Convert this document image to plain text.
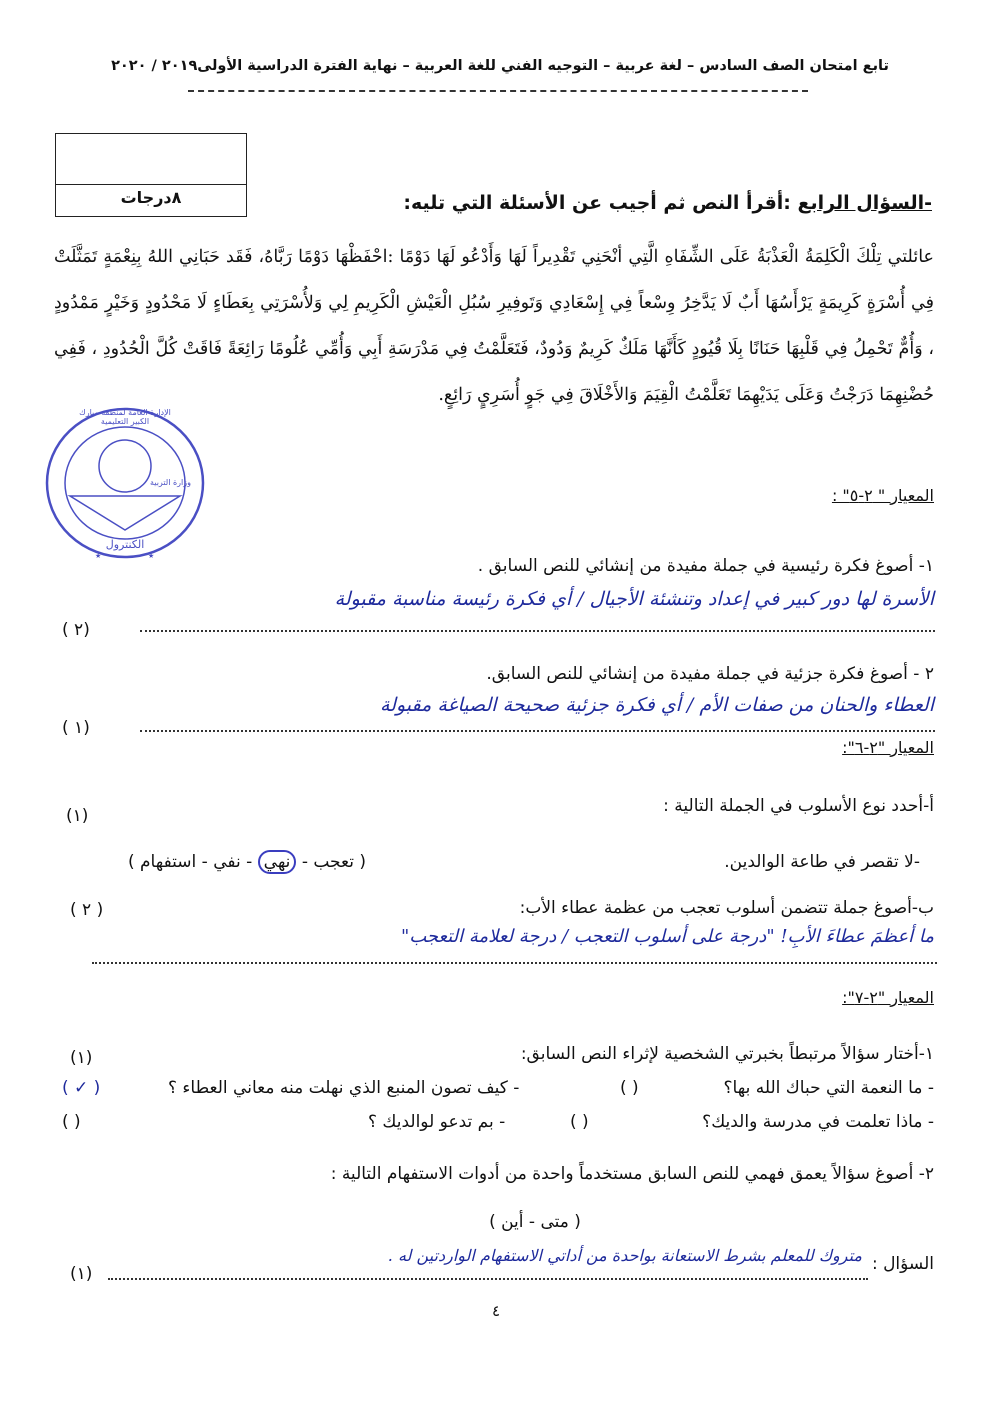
تابع امتحان الصف السادس – لغة عربية – التوجيه الفني للغة العربية – نهاية الفترة الدراسية الأولى٢٠١٩ / ٢٠٢٠
٨درجات	-السؤال الرابع :أقرأ النص ثم أجيب عن الأسئلة التي تليه:

عائلتي تِلْكَ الْكَلِمَةُ الْعَذْبَةُ عَلَى الشِّفَاهِ الَّتِي أنْحَنِي تَقْدِيراً لَهَا وَأَدْعُو لَهَا دَوْمًا :احْفَظْهَا دَوْمًا رَبَّاهُ، فَقَد حَبَانِي اللهُ بِنِعْمَةٍ تَمَثَّلَتْ فِي أُسْرَةٍ كَرِيمَةٍ يَرْأَسُهَا أَبٌ لَا يَدَّخِرُ وِسْعاً فِي إِسْعَادِي وَتَوفِيرِ سُبُلِ الْعَيْشِ الْكَرِيمِ لِي وَلأُسْرَتِي بِعَطَاءٍ لَا مَحْدُودٍ وَخَيْرٍ مَمْدُودٍ ، وَأُمٌّ تَحْمِلُ فِي قَلْبِهَا حَنَانًا بِلَا قُيُودٍ كَأَنَّهَا مَلَكٌ كَرِيمٌ وَدُودٌ، فَتَعَلَّمْتُ فِي مَدْرَسَةِ أَبِي وَأُمِّي عُلُومًا رَائِعَةً فَاقَتْ كُلَّ الْحُدُودِ ، فَفِي حُضْنِهِمَا دَرَجْتُ وَعَلَى يَدَيْهِمَا تَعَلَّمْتُ الْقِيَمَ وَالأَخْلَاقَ فِي جَوٍ أُسَرِيٍ رَائِعٍ.

★	★
الإدارة العامة لمنطقة مبارك الكبير التعليمية
وزارة التربية
الكنترول
المعيار " ٢-٥" :
١- أصوغ فكرة رئيسية في جملة مفيدة من إنشائي للنص السابق .
الأسرة لها دور كبير في إعداد وتنشئة الأجيال / أي فكرة رئيسة مناسبة مقبولة
( ٢)
٢ - أصوغ فكرة جزئية في جملة مفيدة من إنشائي للنص السابق.
العطاء والحنان من صفات الأم / أي فكرة جزئية صحيحة الصياغة مقبولة
( ١)
المعيار "٢-٦":
أ-أحدد نوع الأسلوب في الجملة التالية :
(١)
-لا تقصر في طاعة الوالدين.
( تعجب - نهي - نفي - استفهام )
ب-أصوغ جملة تتضمن أسلوب تعجب من عظمة عطاء الأب:
( ٢ )
ما أعظمَ عطاءَ الأبِ! "درجة على أسلوب التعجب / درجة لعلامة التعجب"
المعيار "٢-٧":
١-أختار سؤالاً مرتبطاً بخبرتي الشخصية لإثراء النص السابق:
(١)
- ما النعمة التي حباك الله بها؟
( )
- كيف تصون المنبع الذي نهلت منه معاني العطاء ؟
( ✓ )
- ماذا تعلمت في مدرسة والديك؟
( )
- بم تدعو لوالديك ؟
( )
٢- أصوغ سؤالاً يعمق فهمي للنص السابق مستخدماً واحدة من أدوات الاستفهام التالية :
( متى - أين )
السؤال :
متروك للمعلم بشرط الاستعانة بواحدة من أداتي الاستفهام الواردتين له .
(١)
٤
